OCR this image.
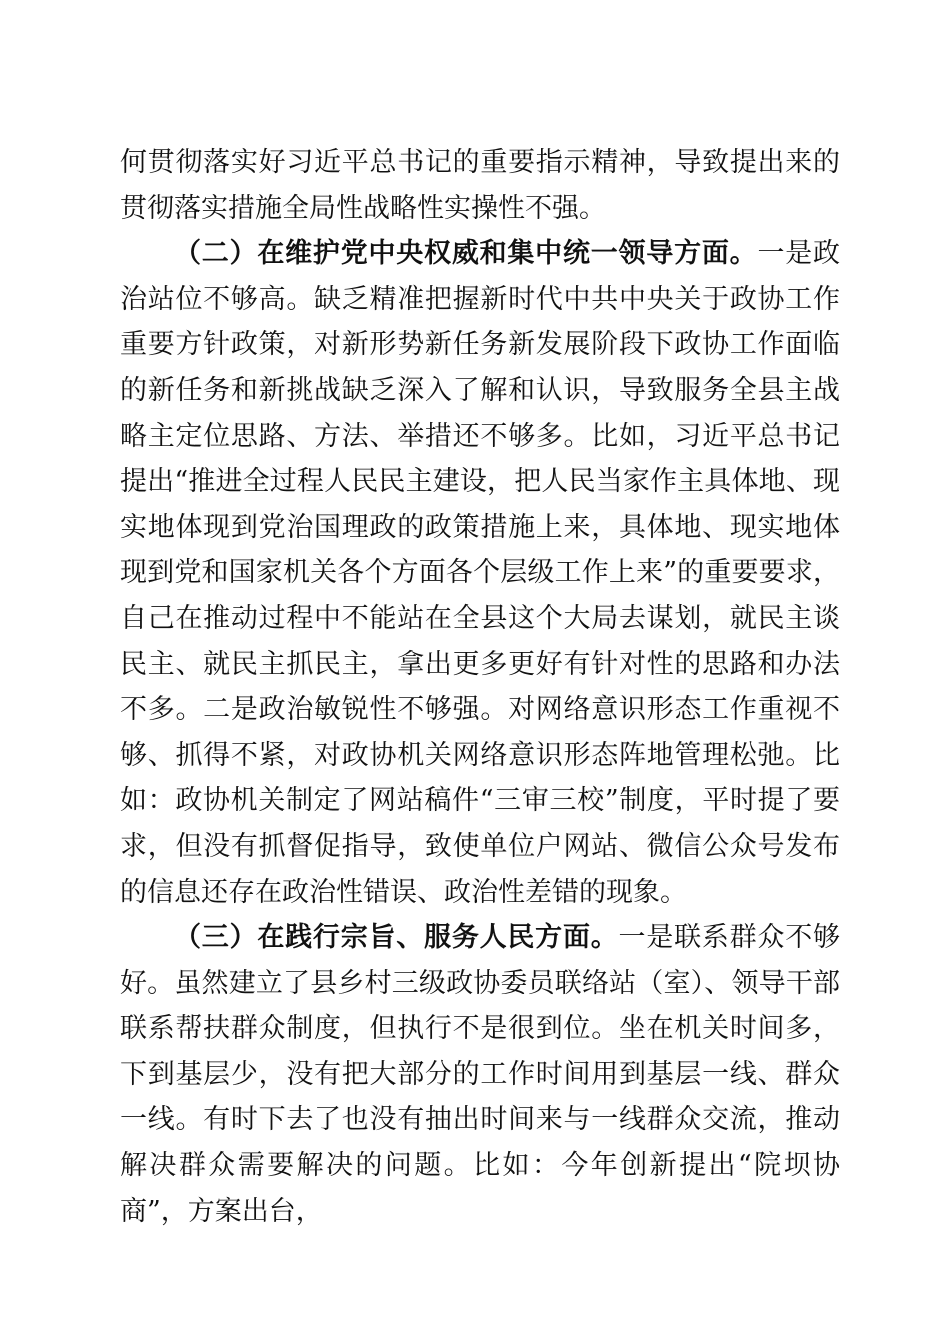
何贯彻落实好习近平总书记的重要指示精神，导致提出来的贯彻落实措施全局性战略性实操性不强。

（二）在维护党中央权威和集中统一领导方面。一是政治站位不够高。缺乏精准把握新时代中共中央关于政协工作重要方针政策，对新形势新任务新发展阶段下政协工作面临的新任务和新挑战缺乏深入了解和认识，导致服务全县主战略主定位思路、方法、举措还不够多。比如，习近平总书记提出“推进全过程人民民主建设，把人民当家作主具体地、现实地体现到党治国理政的政策措施上来，具体地、现实地体现到党和国家机关各个方面各个层级工作上来”的重要要求，自己在推动过程中不能站在全县这个大局去谋划，就民主谈民主、就民主抓民主，拿出更多更好有针对性的思路和办法不多。二是政治敏锐性不够强。对网络意识形态工作重视不够、抓得不紧，对政协机关网络意识形态阵地管理松弛。比如：政协机关制定了网站稿件“三审三校”制度，平时提了要求，但没有抓督促指导，致使单位户网站、微信公众号发布的信息还存在政治性错误、政治性差错的现象。

（三）在践行宗旨、服务人民方面。一是联系群众不够好。虽然建立了县乡村三级政协委员联络站（室）、领导干部联系帮扶群众制度，但执行不是很到位。坐在机关时间多，下到基层少，没有把大部分的工作时间用到基层一线、群众一线。有时下去了也没有抽出时间来与一线群众交流，推动解决群众需要解决的问题。比如：今年创新提出“院坝协商”，方案出台，
